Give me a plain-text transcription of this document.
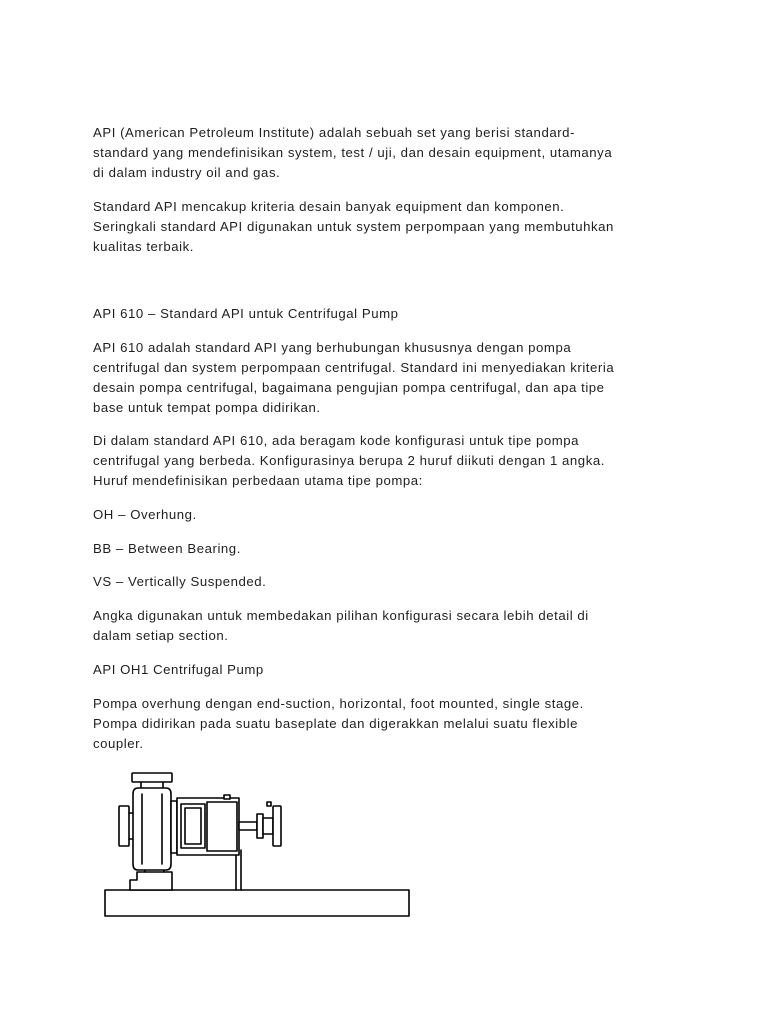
API (American Petroleum Institute) adalah sebuah set yang berisi standard-
standard yang mendefinisikan system, test / uji, dan desain equipment, utamanya
di dalam industry oil and gas.

Standard API mencakup kriteria desain banyak equipment dan komponen.
Seringkali standard API digunakan untuk system perpompaan yang membutuhkan
kualitas terbaik.

API 610 – Standard API untuk Centrifugal Pump

API 610 adalah standard API yang berhubungan khususnya dengan pompa
centrifugal dan system perpompaan centrifugal. Standard ini menyediakan kriteria
desain pompa centrifugal, bagaimana pengujian pompa centrifugal, dan apa tipe
base untuk tempat pompa didirikan.

Di dalam standard API 610, ada beragam kode konfigurasi untuk tipe pompa
centrifugal yang berbeda. Konfigurasinya berupa 2 huruf diikuti dengan 1 angka.
Huruf mendefinisikan perbedaan utama tipe pompa:

OH – Overhung.

BB – Between Bearing.

VS – Vertically Suspended.

Angka digunakan untuk membedakan pilihan konfigurasi secara lebih detail di
dalam setiap section.

API OH1 Centrifugal Pump

Pompa overhung dengan end-suction, horizontal, foot mounted, single stage.
Pompa didirikan pada suatu baseplate dan digerakkan melalui suatu flexible
coupler.
